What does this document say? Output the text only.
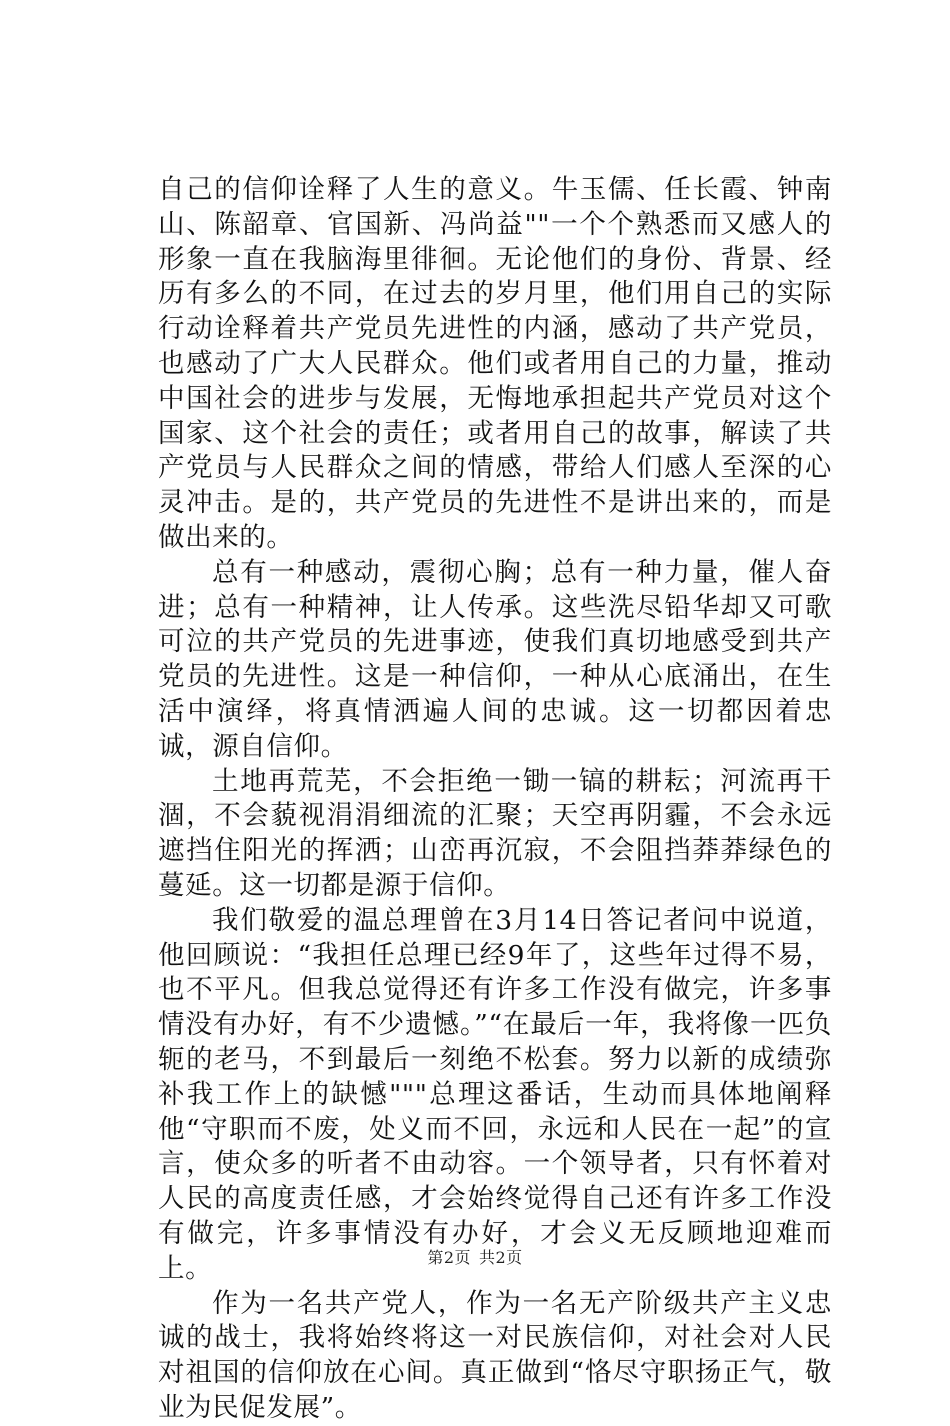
自己的信仰诠释了人生的意义。牛玉儒、任长霞、钟南山、陈韶章、官国新、冯尚益""一个个熟悉而又感人的形象一直在我脑海里徘徊。无论他们的身份、背景、经历有多么的不同，在过去的岁月里，他们用自己的实际行动诠释着共产党员先进性的内涵，感动了共产党员，也感动了广大人民群众。他们或者用自己的力量，推动中国社会的进步与发展，无悔地承担起共产党员对这个国家、这个社会的责任；或者用自己的故事，解读了共产党员与人民群众之间的情感，带给人们感人至深的心灵冲击。是的，共产党员的先进性不是讲出来的，而是做出来的。

总有一种感动，震彻心胸；总有一种力量，催人奋进；总有一种精神，让人传承。这些洗尽铅华却又可歌可泣的共产党员的先进事迹，使我们真切地感受到共产党员的先进性。这是一种信仰，一种从心底涌出，在生活中演绎，将真情洒遍人间的忠诚。这一切都因着忠诚，源自信仰。

土地再荒芜，不会拒绝一锄一镐的耕耘；河流再干涸，不会藐视涓涓细流的汇聚；天空再阴霾，不会永远遮挡住阳光的挥洒；山峦再沉寂，不会阻挡莽莽绿色的蔓延。这一切都是源于信仰。

我们敬爱的温总理曾在3月14日答记者问中说道，他回顾说：“我担任总理已经9年了，这些年过得不易，也不平凡。但我总觉得还有许多工作没有做完，许多事情没有办好，有不少遗憾。”“在最后一年，我将像一匹负轭的老马，不到最后一刻绝不松套。努力以新的成绩弥补我工作上的缺憾"""总理这番话，生动而具体地阐释他“守职而不废，处义而不回，永远和人民在一起”的宣言，使众多的听者不由动容。一个领导者，只有怀着对人民的高度责任感，才会始终觉得自己还有许多工作没有做完，许多事情没有办好，才会义无反顾地迎难而上。

作为一名共产党人，作为一名无产阶级共产主义忠诚的战士，我将始终将这一对民族信仰，对社会对人民对祖国的信仰放在心间。真正做到“恪尽守职扬正气，敬业为民促发展”。

第2页 共2页
